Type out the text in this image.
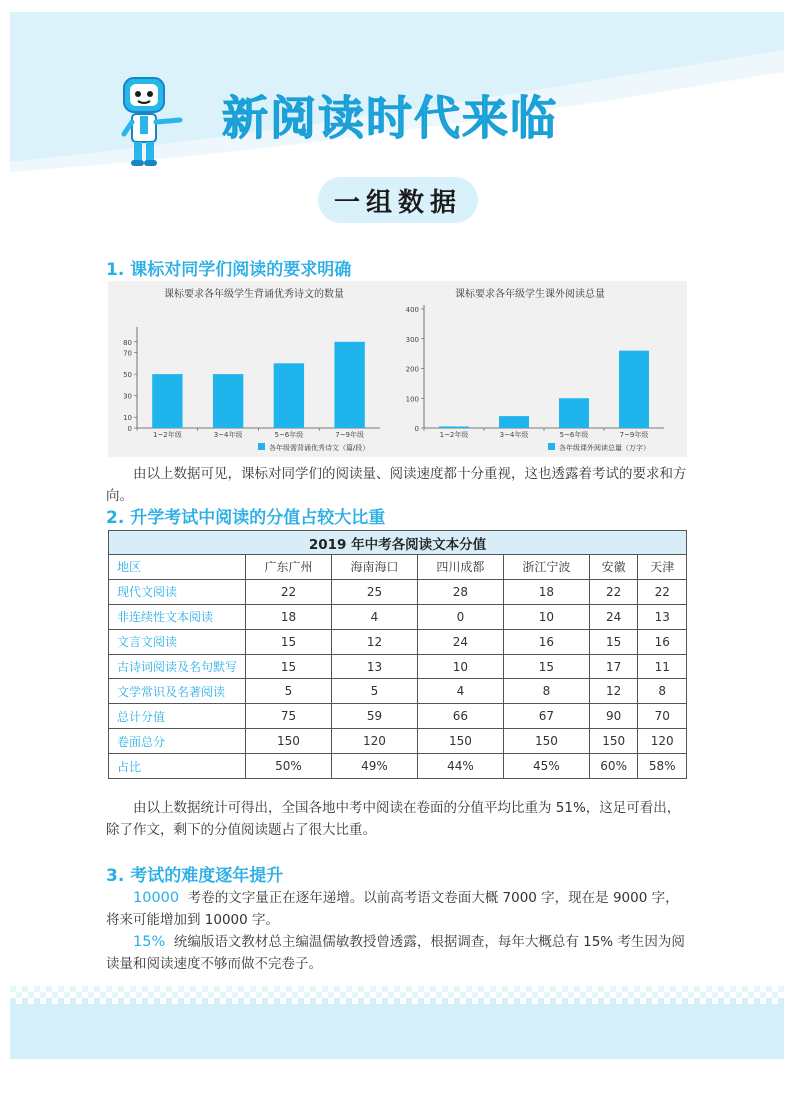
新阅读时代来临
一组数据
1. 课标对同学们阅读的要求明确
课标要求各年级学生背诵优秀诗文的数量
0
10
30
50
70
80
1~2年级	3~4年级	5~6年级	7~9年级
各年级需背诵优秀诗文（篇/段）
课标要求各年级学生课外阅读总量
0
100
200
300
400
1~2年级	3~4年级	5~6年级	7~9年级
各年级课外阅读总量（万字）
由以上数据可见，课标对同学们的阅读量、阅读速度都十分重视，这也透露着考试的要求和方向。
2. 升学考试中阅读的分值占较大比重
2019 年中考各阅读文本分值						
地区	广东广州	海南海口	四川成都	浙江宁波	安徽	天津
现代文阅读	22	25	28	18	22	22
非连续性文本阅读	18	4	0	10	24	13
文言文阅读	15	12	24	16	15	16
古诗词阅读及名句默写	15	13	10	15	17	11
文学常识及名著阅读	5	5	4	8	12	8
总计分值	75	59	66	67	90	70
卷面总分	150	120	150	150	150	120
占比	50%	49%	44%	45%	60%	58%
由以上数据统计可得出，全国各地中考中阅读在卷面的分值平均比重为 51%，这足可看出，除了作文，剩下的分值阅读题占了很大比重。
3. 考试的难度逐年提升
10000 考卷的文字量正在逐年递增。以前高考语文卷面大概 7000 字，现在是 9000 字，将来可能增加到 10000 字。
15% 统编版语文教材总主编温儒敏教授曾透露，根据调查，每年大概总有 15% 考生因为阅读量和阅读速度不够而做不完卷子。
